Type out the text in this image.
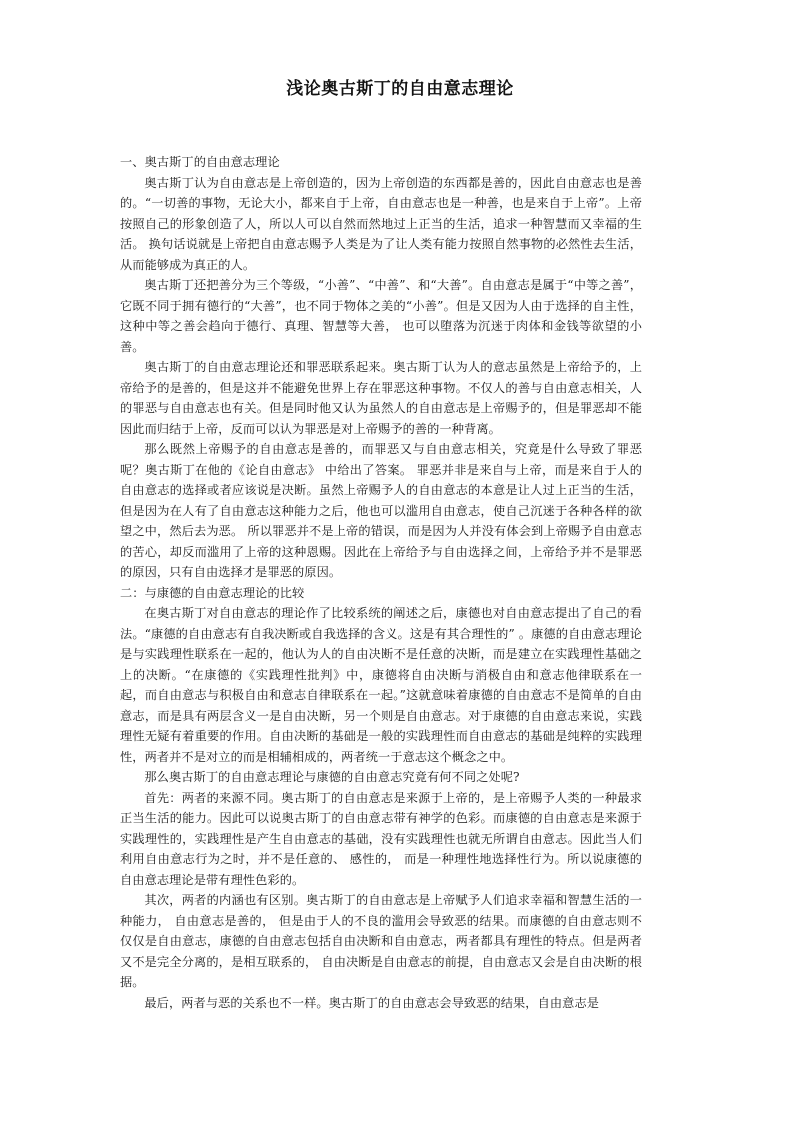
浅论奥古斯丁的自由意志理论

一、奥古斯丁的自由意志理论

奥古斯丁认为自由意志是上帝创造的，因为上帝创造的东西都是善的，因此自由意志也是善的。“一切善的事物，无论大小，都来自于上帝，自由意志也是一种善，也是来自于上帝”。上帝按照自己的形象创造了人，所以人可以自然而然地过上正当的生活，追求一种智慧而又幸福的生活。 换句话说就是上帝把自由意志赐予人类是为了让人类有能力按照自然事物的必然性去生活，从而能够成为真正的人。

奥古斯丁还把善分为三个等级，“小善”、“中善”、和“大善”。自由意志是属于“中等之善”，它既不同于拥有德行的“大善”，也不同于物体之美的“小善”。但是又因为人由于选择的自主性， 这种中等之善会趋向于德行、真理、智慧等大善， 也可以堕落为沉迷于肉体和金钱等欲望的小善。

奥古斯丁的自由意志理论还和罪恶联系起来。奥古斯丁认为人的意志虽然是上帝给予的，上帝给予的是善的，但是这并不能避免世界上存在罪恶这种事物。不仅人的善与自由意志相关，人的罪恶与自由意志也有关。但是同时他又认为虽然人的自由意志是上帝赐予的，但是罪恶却不能因此而归结于上帝，反而可以认为罪恶是对上帝赐予的善的一种背离。

那么既然上帝赐予的自由意志是善的，而罪恶又与自由意志相关，究竟是什么导致了罪恶呢？奥古斯丁在他的《论自由意志》 中给出了答案。 罪恶并非是来自与上帝，而是来自于人的自由意志的选择或者应该说是决断。虽然上帝赐予人的自由意志的本意是让人过上正当的生活， 但是因为在人有了自由意志这种能力之后，他也可以滥用自由意志，使自己沉迷于各种各样的欲望之中，然后去为恶。 所以罪恶并不是上帝的错误，而是因为人并没有体会到上帝赐予自由意志的苦心，却反而滥用了上帝的这种恩赐。因此在上帝给予与自由选择之间，上帝给予并不是罪恶的原因，只有自由选择才是罪恶的原因。

二：与康德的自由意志理论的比较

在奥古斯丁对自由意志的理论作了比较系统的阐述之后，康德也对自由意志提出了自己的看法。“康德的自由意志有自我决断或自我选择的含义。这是有其合理性的” 。康德的自由意志理论是与实践理性联系在一起的，他认为人的自由决断不是任意的决断，而是建立在实践理性基础之上的决断。“在康德的《实践理性批判》中，康德将自由决断与消极自由和意志他律联系在一起，而自由意志与积极自由和意志自律联系在一起。”这就意味着康德的自由意志不是简单的自由意志，而是具有两层含义一是自由决断，另一个则是自由意志。对于康德的自由意志来说，实践理性无疑有着重要的作用。自由决断的基础是一般的实践理性而自由意志的基础是纯粹的实践理性，两者并不是对立的而是相辅相成的，两者统一于意志这个概念之中。

那么奥古斯丁的自由意志理论与康德的自由意志究竟有何不同之处呢?

首先：两者的来源不同。奥古斯丁的自由意志是来源于上帝的，是上帝赐予人类的一种最求正当生活的能力。因此可以说奥古斯丁的自由意志带有神学的色彩。而康德的自由意志是来源于实践理性的，实践理性是产生自由意志的基础，没有实践理性也就无所谓自由意志。因此当人们利用自由意志行为之时，并不是任意的、 感性的， 而是一种理性地选择性行为。所以说康德的自由意志理论是带有理性色彩的。

其次，两者的内涵也有区别。奥古斯丁的自由意志是上帝赋予人们追求幸福和智慧生活的一种能力， 自由意志是善的， 但是由于人的不良的滥用会导致恶的结果。而康德的自由意志则不仅仅是自由意志，康德的自由意志包括自由决断和自由意志，两者都具有理性的特点。但是两者又不是完全分离的，是相互联系的， 自由决断是自由意志的前提，自由意志又会是自由决断的根据。

最后，两者与恶的关系也不一样。奥古斯丁的自由意志会导致恶的结果，自由意志是
